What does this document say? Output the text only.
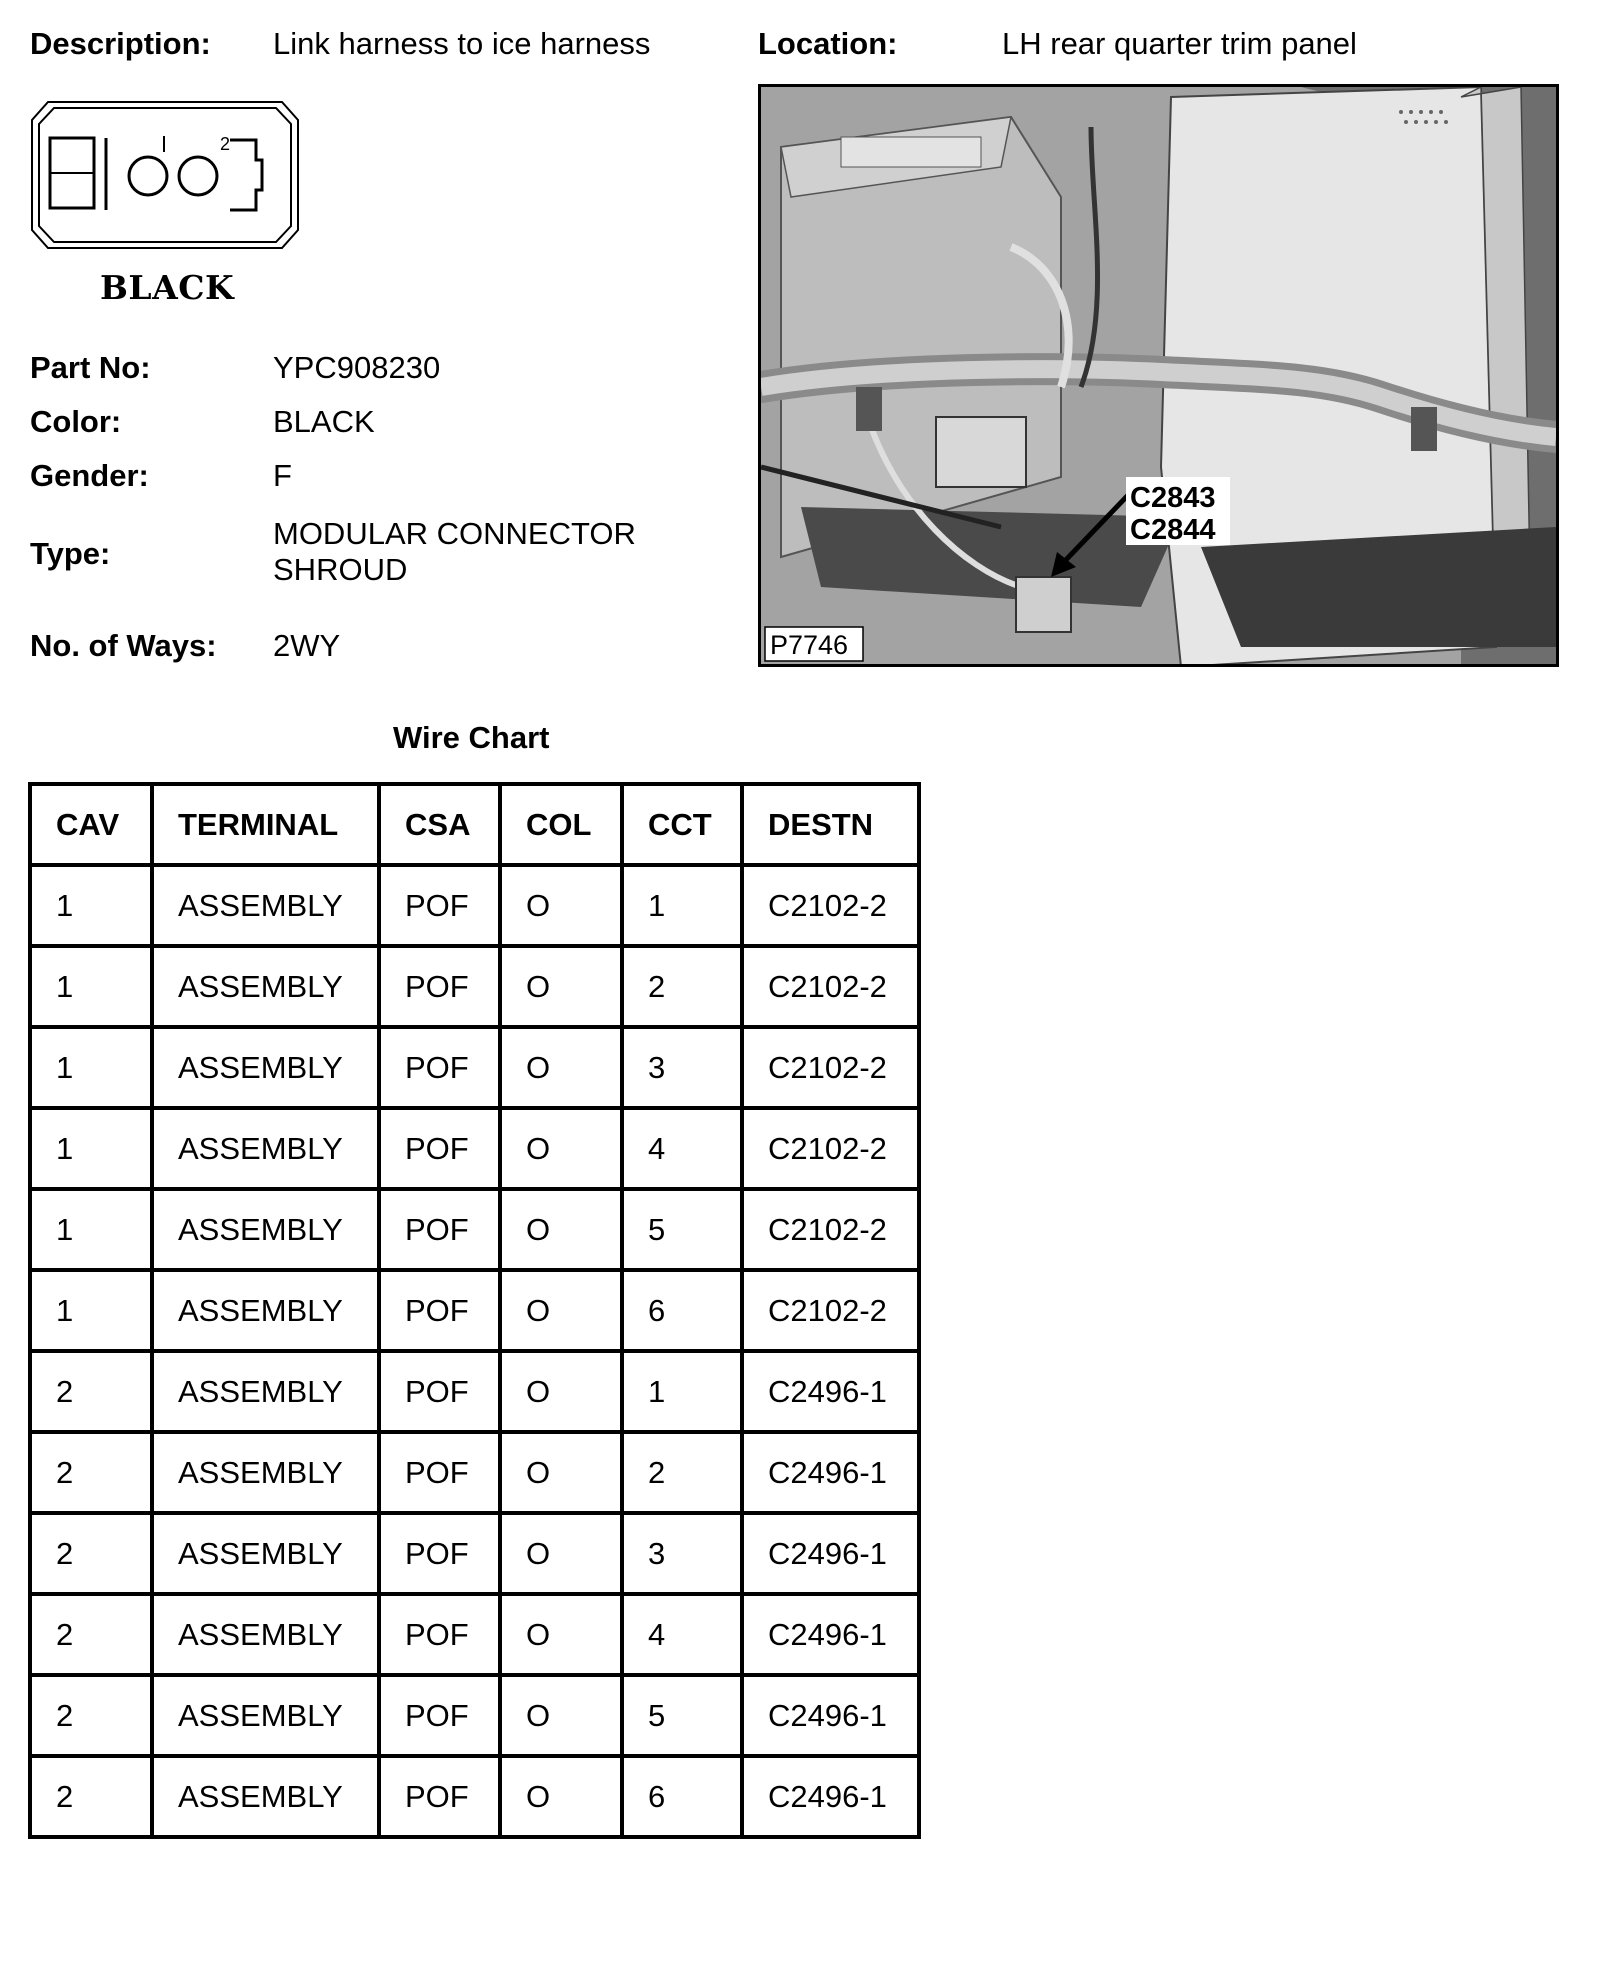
Description: Link harness to ice harness	Location:	LH rear quarter trim panel
2
BLACK
Part No:	YPC908230
Color:	BLACK
Gender:	F
Type:
MODULAR CONNECTOR
SHROUD
No. of Ways: 2WY
C2843
C2844
P7746
Wire Chart
CAV	TERMINAL	CSA	COL	CCT	DESTN
1	ASSEMBLY	POF	O	1	C2102-2
1	ASSEMBLY	POF	O	2	C2102-2
1	ASSEMBLY	POF	O	3	C2102-2
1	ASSEMBLY	POF	O	4	C2102-2
1	ASSEMBLY	POF	O	5	C2102-2
1	ASSEMBLY	POF	O	6	C2102-2
2	ASSEMBLY	POF	O	1	C2496-1
2	ASSEMBLY	POF	O	2	C2496-1
2	ASSEMBLY	POF	O	3	C2496-1
2	ASSEMBLY	POF	O	4	C2496-1
2	ASSEMBLY	POF	O	5	C2496-1
2	ASSEMBLY	POF	O	6	C2496-1
